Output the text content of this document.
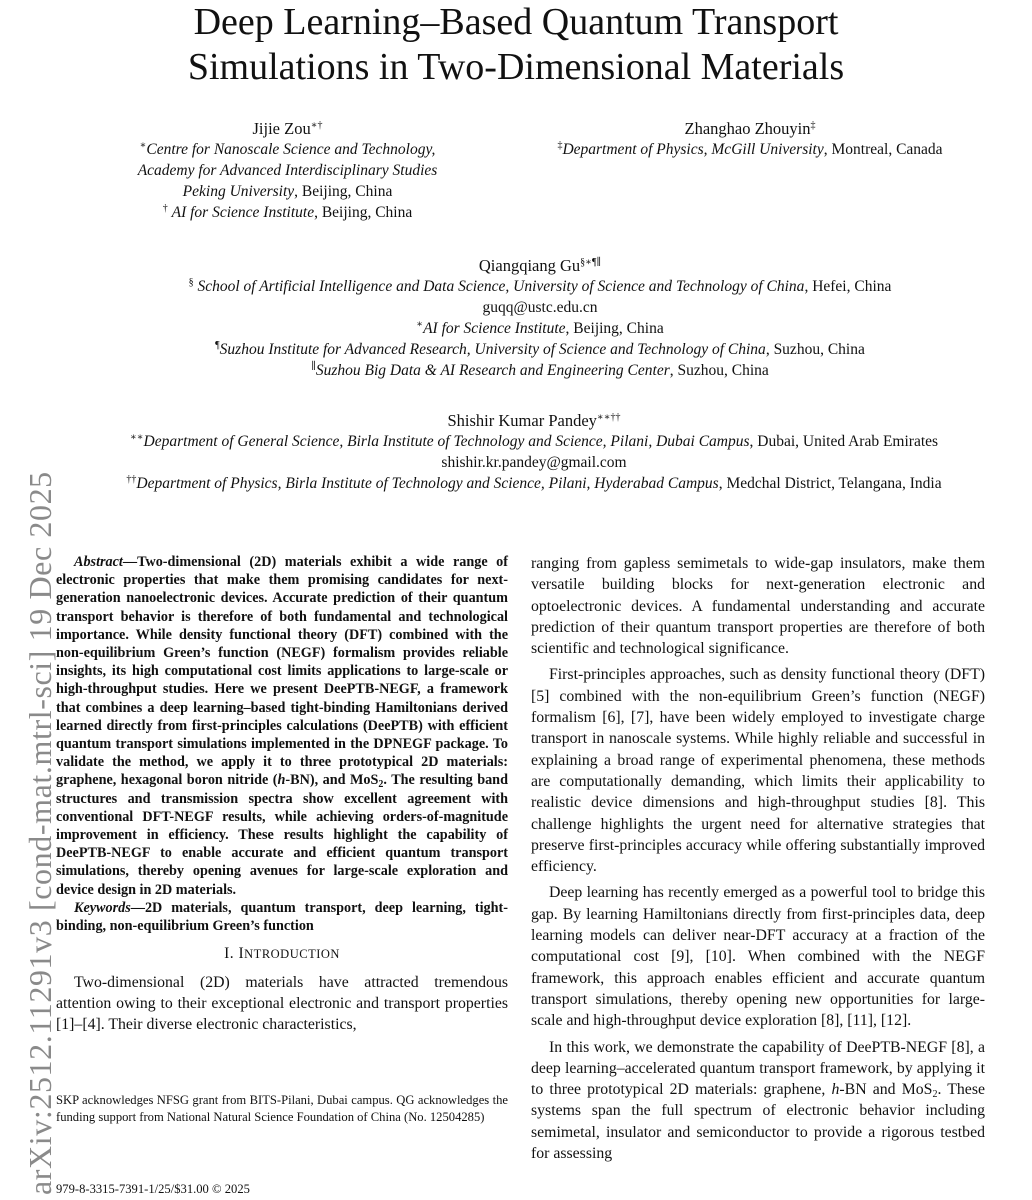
arXiv:2512.11291v3 [cond-mat.mtrl-sci] 19 Dec 2025
Deep Learning–Based Quantum Transport
Simulations in Two-Dimensional Materials
Jijie Zou∗†
∗Centre for Nanoscale Science and Technology,
Academy for Advanced Interdisciplinary Studies
Peking University, Beijing, China
† AI for Science Institute, Beijing, China
Zhanghao Zhouyin‡
‡Department of Physics, McGill University, Montreal, Canada
Qiangqiang Gu§∗¶∥
§ School of Artificial Intelligence and Data Science, University of Science and Technology of China, Hefei, China
guqq@ustc.edu.cn
∗AI for Science Institute, Beijing, China
¶Suzhou Institute for Advanced Research, University of Science and Technology of China, Suzhou, China
∥Suzhou Big Data & AI Research and Engineering Center, Suzhou, China
Shishir Kumar Pandey∗∗††
∗∗Department of General Science, Birla Institute of Technology and Science, Pilani, Dubai Campus, Dubai, United Arab Emirates
shishir.kr.pandey@gmail.com
††Department of Physics, Birla Institute of Technology and Science, Pilani, Hyderabad Campus, Medchal District, Telangana, India

Abstract—Two-dimensional (2D) materials exhibit a wide range of electronic properties that make them promising candidates for next-generation nanoelectronic devices. Accurate prediction of their quantum transport behavior is therefore of both fundamental and technological importance. While density functional theory (DFT) combined with the non-equilibrium Green’s function (NEGF) formalism provides reliable insights, its high computational cost limits applications to large-scale or high-throughput studies. Here we present DeePTB-NEGF, a framework that combines a deep learning–based tight-binding Hamiltonians derived learned directly from first-principles calculations (DeePTB) with efficient quantum transport simulations implemented in the DPNEGF package. To validate the method, we apply it to three prototypical 2D materials: graphene, hexagonal boron nitride (h-BN), and MoS$_2$. The resulting band structures and transmission spectra show excellent agreement with conventional DFT-NEGF results, while achieving orders-of-magnitude improvement in efficiency. These results highlight the capability of DeePTB-NEGF to enable accurate and efficient quantum transport simulations, thereby opening avenues for large-scale exploration and device design in 2D materials.

Keywords—2D materials, quantum transport, deep learning, tight-binding, non-equilibrium Green’s function

I. INTRODUCTION

Two-dimensional (2D) materials have attracted tremendous attention owing to their exceptional electronic and transport properties [1]–[4]. Their diverse electronic characteristics,

SKP acknowledges NFSG grant from BITS-Pilani, Dubai campus. QG acknowledges the funding support from National Natural Science Foundation of China (No. 12504285)
979-8-3315-7391-1/25/$31.00 © 2025

ranging from gapless semimetals to wide-gap insulators, make them versatile building blocks for next-generation electronic and optoelectronic devices. A fundamental understanding and accurate prediction of their quantum transport properties are therefore of both scientific and technological significance.

First-principles approaches, such as density functional theory (DFT) [5] combined with the non-equilibrium Green’s function (NEGF) formalism [6], [7], have been widely employed to investigate charge transport in nanoscale systems. While highly reliable and successful in explaining a broad range of experimental phenomena, these methods are computationally demanding, which limits their applicability to realistic device dimensions and high-throughput studies [8]. This challenge highlights the urgent need for alternative strategies that preserve first-principles accuracy while offering substantially improved efficiency.

Deep learning has recently emerged as a powerful tool to bridge this gap. By learning Hamiltonians directly from first-principles data, deep learning models can deliver near-DFT accuracy at a fraction of the computational cost [9], [10]. When combined with the NEGF framework, this approach enables efficient and accurate quantum transport simulations, thereby opening new opportunities for large-scale and high-throughput device exploration [8], [11], [12].

In this work, we demonstrate the capability of DeePTB-NEGF [8], a deep learning–accelerated quantum transport framework, by applying it to three prototypical 2D materials: graphene, h-BN and MoS$_2$. These systems span the full spectrum of electronic behavior including semimetal, insulator and semiconductor to provide a rigorous testbed for assessing
